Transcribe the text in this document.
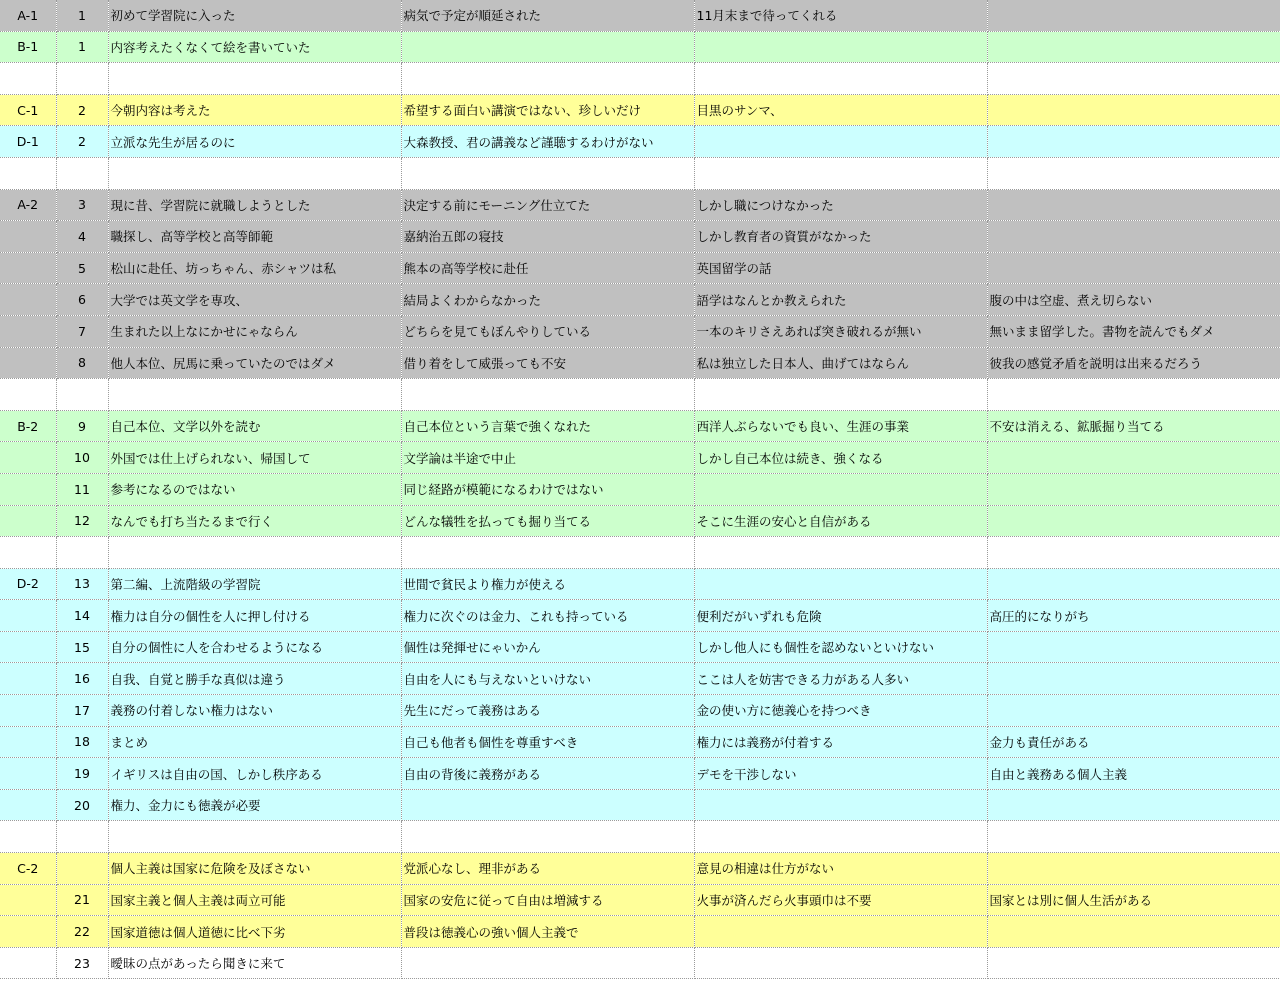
A-1	1	初めて学習院に入った	病気で予定が順延された	11月末まで待ってくれる	
B-1	1	内容考えたくなくて絵を書いていた			

C-1	2	今朝内容は考えた	希望する面白い講演ではない、珍しいだけ	目黒のサンマ、	
D-1	2	立派な先生が居るのに	大森教授、君の講義など謹聴するわけがない		

A-2	3	現に昔、学習院に就職しようとした	決定する前にモーニング仕立てた	しかし職につけなかった	
	4	職探し、高等学校と高等師範	嘉納治五郎の寝技	しかし教育者の資質がなかった	
	5	松山に赴任、坊っちゃん、赤シャツは私	熊本の高等学校に赴任	英国留学の話	
	6	大学では英文学を専攻、	結局よくわからなかった	語学はなんとか教えられた	腹の中は空虚、煮え切らない
	7	生まれた以上なにかせにゃならん	どちらを見てもぼんやりしている	一本のキリさえあれば突き破れるが無い	無いまま留学した。書物を読んでもダメ
	8	他人本位、尻馬に乗っていたのではダメ	借り着をして威張っても不安	私は独立した日本人、曲げてはならん	彼我の感覚矛盾を説明は出来るだろう

B-2	9	自己本位、文学以外を読む	自己本位という言葉で強くなれた	西洋人ぶらないでも良い、生涯の事業	不安は消える、鉱脈掘り当てる
	10	外国では仕上げられない、帰国して	文学論は半途で中止	しかし自己本位は続き、強くなる	
	11	参考になるのではない	同じ経路が模範になるわけではない		
	12	なんでも打ち当たるまで行く	どんな犠牲を払っても掘り当てる	そこに生涯の安心と自信がある	

D-2	13	第二編、上流階級の学習院	世間で貧民より権力が使える		
	14	権力は自分の個性を人に押し付ける	権力に次ぐのは金力、これも持っている	便利だがいずれも危険	高圧的になりがち
	15	自分の個性に人を合わせるようになる	個性は発揮せにゃいかん	しかし他人にも個性を認めないといけない	
	16	自我、自覚と勝手な真似は違う	自由を人にも与えないといけない	ここは人を妨害できる力がある人多い	
	17	義務の付着しない権力はない	先生にだって義務はある	金の使い方に徳義心を持つべき	
	18	まとめ	自己も他者も個性を尊重すべき	権力には義務が付着する	金力も責任がある
	19	イギリスは自由の国、しかし秩序ある	自由の背後に義務がある	デモを干渉しない	自由と義務ある個人主義
	20	権力、金力にも徳義が必要			

C-2		個人主義は国家に危険を及ぼさない	党派心なし、理非がある	意見の相違は仕方がない	
	21	国家主義と個人主義は両立可能	国家の安危に従って自由は増減する	火事が済んだら火事頭巾は不要	国家とは別に個人生活がある
	22	国家道徳は個人道徳に比べ下劣	普段は徳義心の強い個人主義で		
	23	曖昧の点があったら聞きに来て			
